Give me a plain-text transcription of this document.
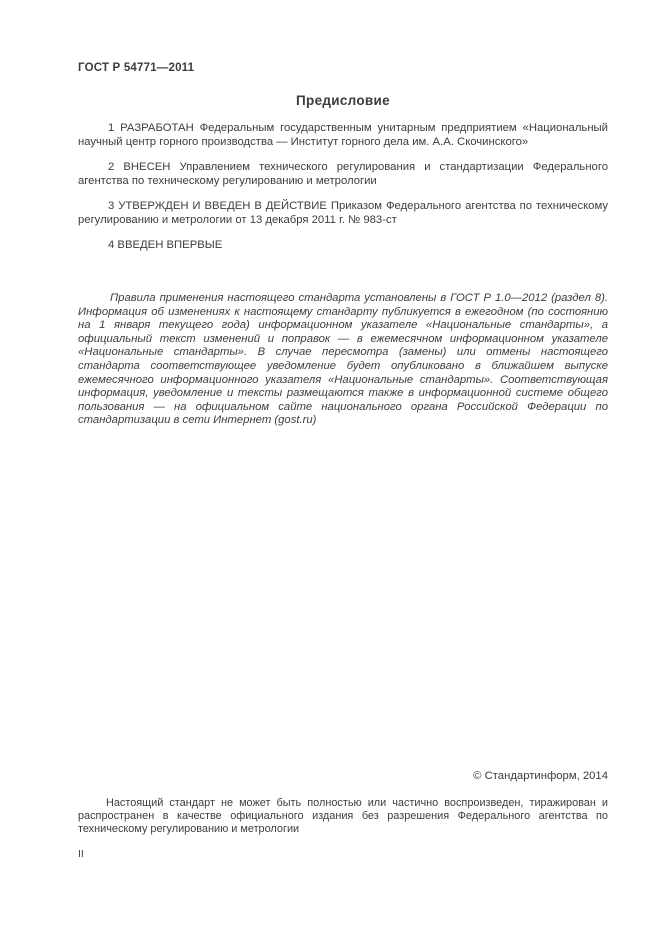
ГОСТ Р 54771—2011
Предисловие

1 РАЗРАБОТАН Федеральным государственным унитарным предприятием «Национальный научный центр горного производства — Институт горного дела им. А.А. Скочинского»

2 ВНЕСЕН Управлением технического регулирования и стандартизации Федерального агентства по техническому регулированию и метрологии

3 УТВЕРЖДЕН И ВВЕДЕН В ДЕЙСТВИЕ Приказом Федерального агентства по техническому регулированию и метрологии от 13 декабря 2011 г. № 983-ст

4 ВВЕДЕН ВПЕРВЫЕ

Правила применения настоящего стандарта установлены в ГОСТ Р 1.0—2012 (раздел 8). Информация об изменениях к настоящему стандарту публикуется в ежегодном (по состоянию на 1 января текущего года) информационном указателе «Национальные стандарты», а официальный текст изменений и поправок — в ежемесячном информационном указателе «Национальные стандарты». В случае пересмотра (замены) или отмены настоящего стандарта соответствующее уведомление будет опубликовано в ближайшем выпуске ежемесячного информационного указателя «Национальные стандарты». Соответствующая информация, уведомление и тексты размещаются также в информационной системе общего пользования — на официальном сайте национального органа Российской Федерации по стандартизации в сети Интернет (gost.ru)

© Стандартинформ, 2014

Настоящий стандарт не может быть полностью или частично воспроизведен, тиражирован и распространен в качестве официального издания без разрешения Федерального агентства по техническому регулированию и метрологии

II
